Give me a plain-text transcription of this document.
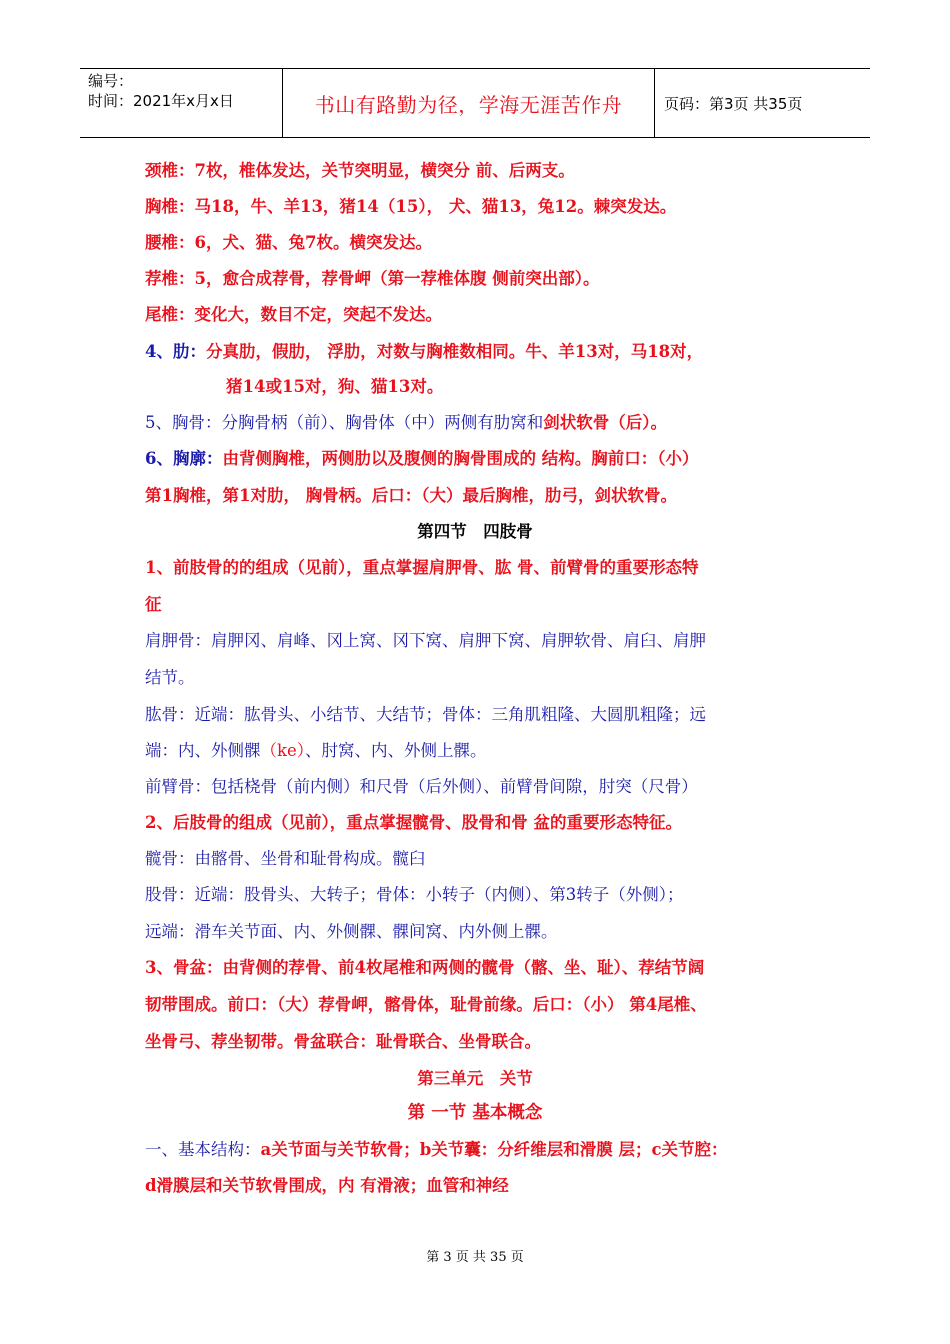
编号：
时间：2021年x月x日	书山有路勤为径，学海无涯苦作舟	页码：第3页 共35页
颈椎：7枚，椎体发达，关节突明显，横突分 前、后两支。
胸椎：马18，牛、羊13，猪14（15）， 犬、猫13，兔12。棘突发达。
腰椎：6，犬、猫、兔7枚。横突发达。
荐椎：5，愈合成荐骨，荐骨岬（第一荐椎体腹 侧前突出部）。
尾椎：变化大，数目不定，突起不发达。
4、肋：分真肋，假肋， 浮肋，对数与胸椎数相同。牛、羊13对，马18对，
猪14或15对，狗、猫13对。
5、胸骨：分胸骨柄（前）、胸骨体（中）两侧有肋窝和剑状软骨（后）。
6、胸廓：由背侧胸椎，两侧肋以及腹侧的胸骨围成的 结构。胸前口：（小）
第1胸椎，第1对肋， 胸骨柄。后口：（大）最后胸椎，肋弓，剑状软骨。
第四节　四肢骨
1、前肢骨的的组成（见前），重点掌握肩胛骨、肱 骨、前臂骨的重要形态特
征
肩胛骨：肩胛冈、肩峰、冈上窝、冈下窝、肩胛下窝、肩胛软骨、肩臼、肩胛
结节。
肱骨：近端：肱骨头、小结节、大结节；骨体：三角肌粗隆、大圆肌粗隆；远
端：内、外侧髁（ke）、肘窝、内、外侧上髁。
前臂骨：包括桡骨（前内侧）和尺骨（后外侧）、前臂骨间隙，肘突（尺骨）
2、后肢骨的组成（见前），重点掌握髋骨、股骨和骨 盆的重要形态特征。
髋骨：由髂骨、坐骨和耻骨构成。髋臼
股骨：近端：股骨头、大转子；骨体：小转子（内侧）、第3转子（外侧）；
远端：滑车关节面、内、外侧髁、髁间窝、内外侧上髁。
3、骨盆：由背侧的荐骨、前4枚尾椎和两侧的髋骨（髂、坐、耻）、荐结节阔
韧带围成。前口：（大）荐骨岬，髂骨体，耻骨前缘。后口：（小） 第4尾椎、
坐骨弓、荐坐韧带。骨盆联合：耻骨联合、坐骨联合。
第三单元　关节
第 一节 基本概念
一、基本结构：a关节面与关节软骨；b关节囊：分纤维层和滑膜 层；c关节腔：
d滑膜层和关节软骨围成，内 有滑液；血管和神经
第 3 页 共 35 页
